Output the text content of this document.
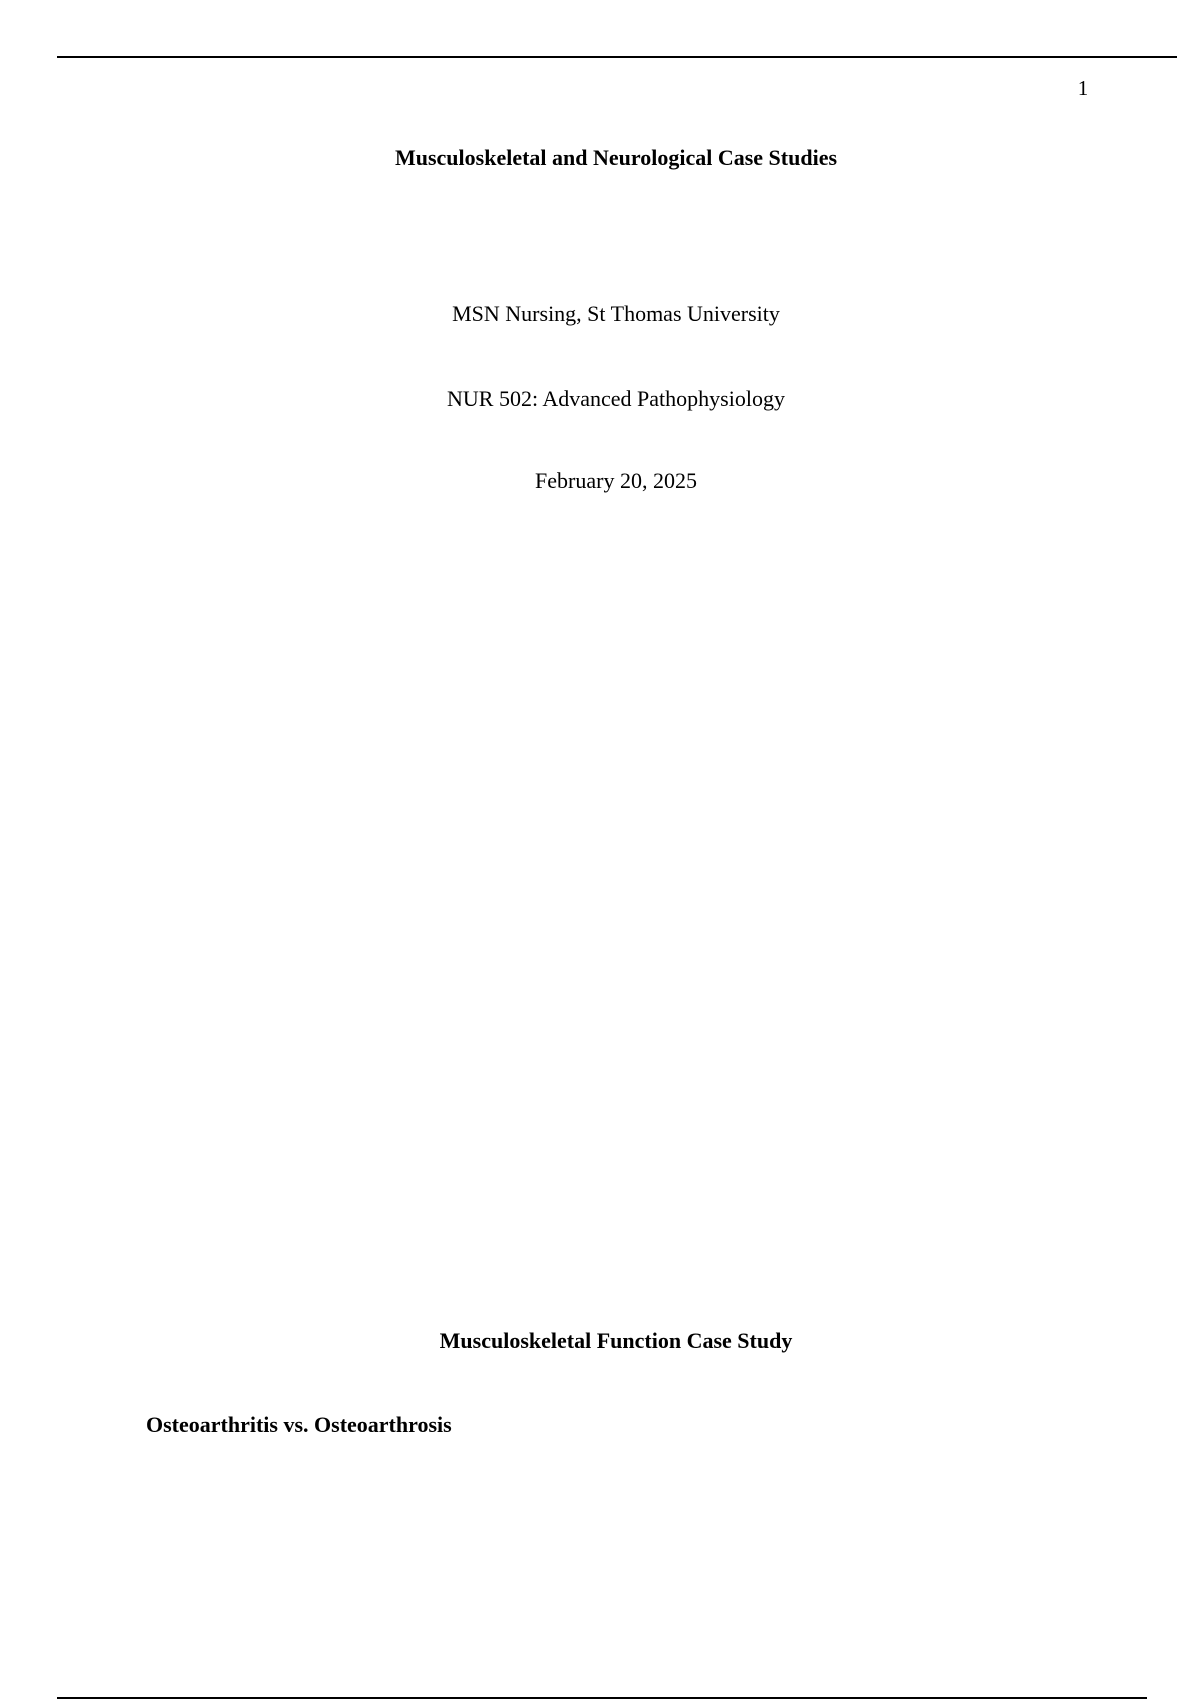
1
Musculoskeletal and Neurological Case Studies
MSN Nursing, St Thomas University
NUR 502: Advanced Pathophysiology
February 20, 2025
Musculoskeletal Function Case Study
Osteoarthritis vs. Osteoarthrosis
